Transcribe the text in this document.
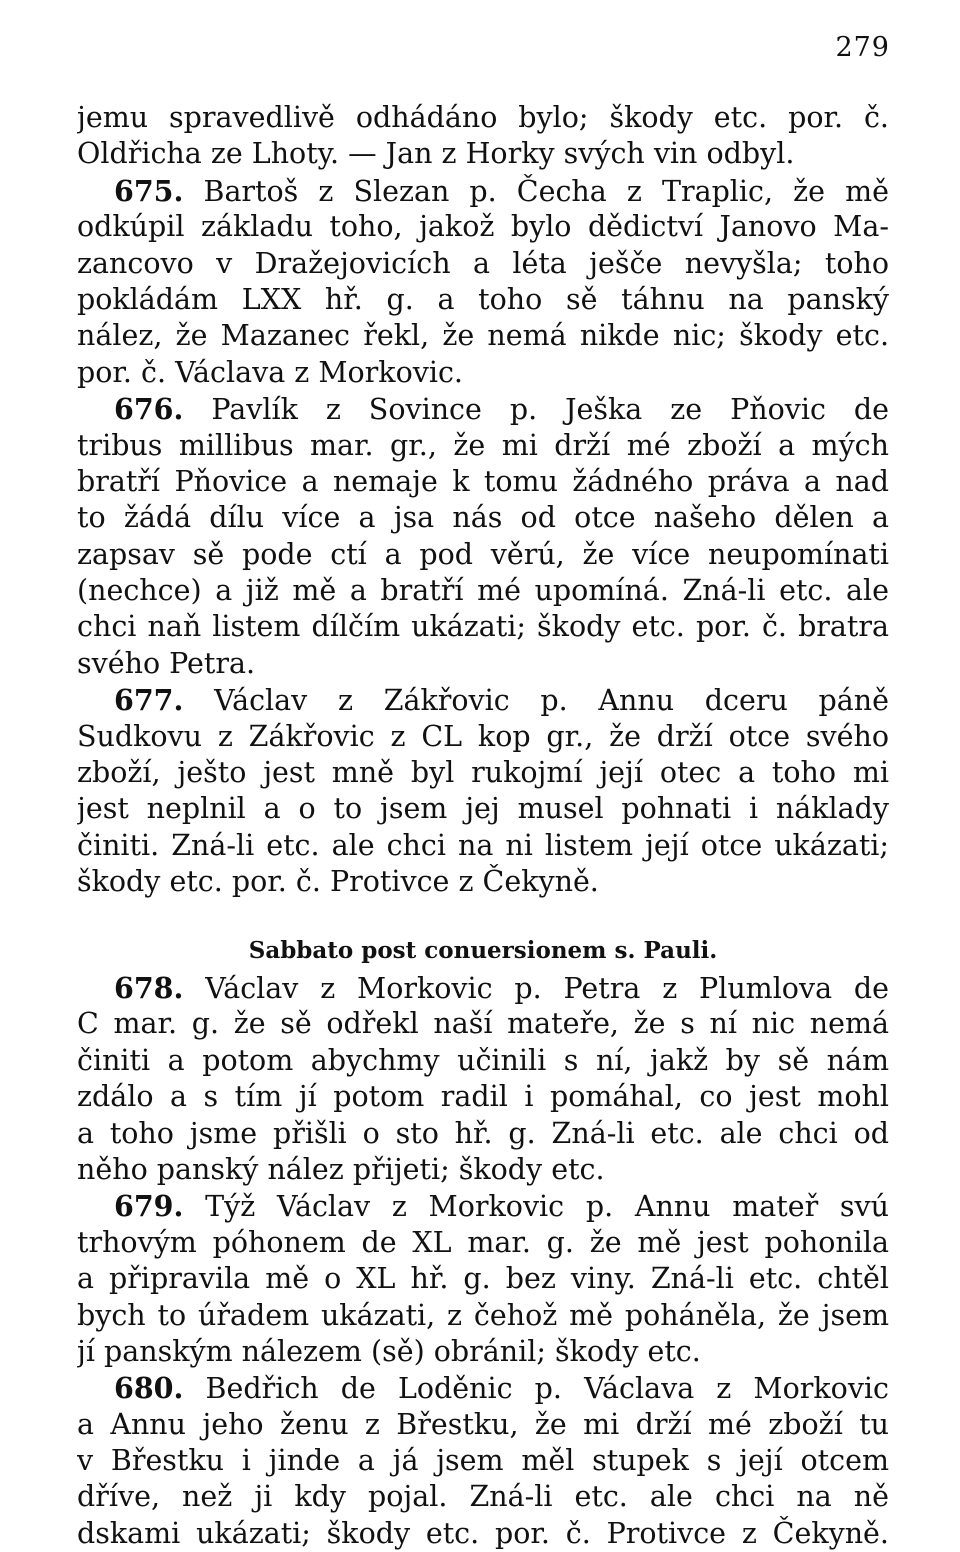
279
jemu spravedlivě odhádáno bylo; škody etc. por. č.
Oldřicha ze Lhoty. — Jan z Horky svých vin odbyl.
675. Bartoš z Slezan p. Čecha z Traplic, že mě
odkúpil základu toho, jakož bylo dědictví Janovo Ma-
zancovo v Dražejovicích a léta ješče nevyšla; toho
pokládám LXX hř. g. a toho sě táhnu na panský
nález, že Mazanec řekl, že nemá nikde nic; škody etc.
por. č. Václava z Morkovic.
676. Pavlík z Sovince p. Ješka ze Pňovic de
tribus millibus mar. gr., že mi drží mé zboží a mých
bratří Pňovice a nemaje k tomu žádného práva a nad
to žádá dílu více a jsa nás od otce našeho dělen a
zapsav sě pode ctí a pod věrú, že více neupomínati
(nechce) a již mě a bratří mé upomíná. Zná-li etc. ale
chci naň listem dílčím ukázati; škody etc. por. č. bratra
svého Petra.
677. Václav z Zákřovic p. Annu dceru páně
Sudkovu z Zákřovic z CL kop gr., že drží otce svého
zboží, ješto jest mně byl rukojmí její otec a toho mi
jest neplnil a o to jsem jej musel pohnati i náklady
činiti. Zná-li etc. ale chci na ni listem její otce ukázati;
škody etc. por. č. Protivce z Čekyně.
Sabbato post conuersionem s. Pauli.
678. Václav z Morkovic p. Petra z Plumlova de
C mar. g. že sě odřekl naší mateře, že s ní nic nemá
činiti a potom abychmy učinili s ní, jakž by sě nám
zdálo a s tím jí potom radil i pomáhal, co jest mohl
a toho jsme přišli o sto hř. g. Zná-li etc. ale chci od
něho panský nález přijeti; škody etc.
679. Týž Václav z Morkovic p. Annu mateř svú
trhovým póhonem de XL mar. g. že mě jest pohonila
a připravila mě o XL hř. g. bez viny. Zná-li etc. chtěl
bych to úřadem ukázati, z čehož mě poháněla, že jsem
jí panským nálezem (sě) obránil; škody etc.
680. Bedřich de Loděnic p. Václava z Morkovic
a Annu jeho ženu z Břestku, že mi drží mé zboží tu
v Břestku i jinde a já jsem měl stupek s její otcem
dříve, než ji kdy pojal. Zná-li etc. ale chci na ně
dskami ukázati; škody etc. por. č. Protivce z Čekyně.
